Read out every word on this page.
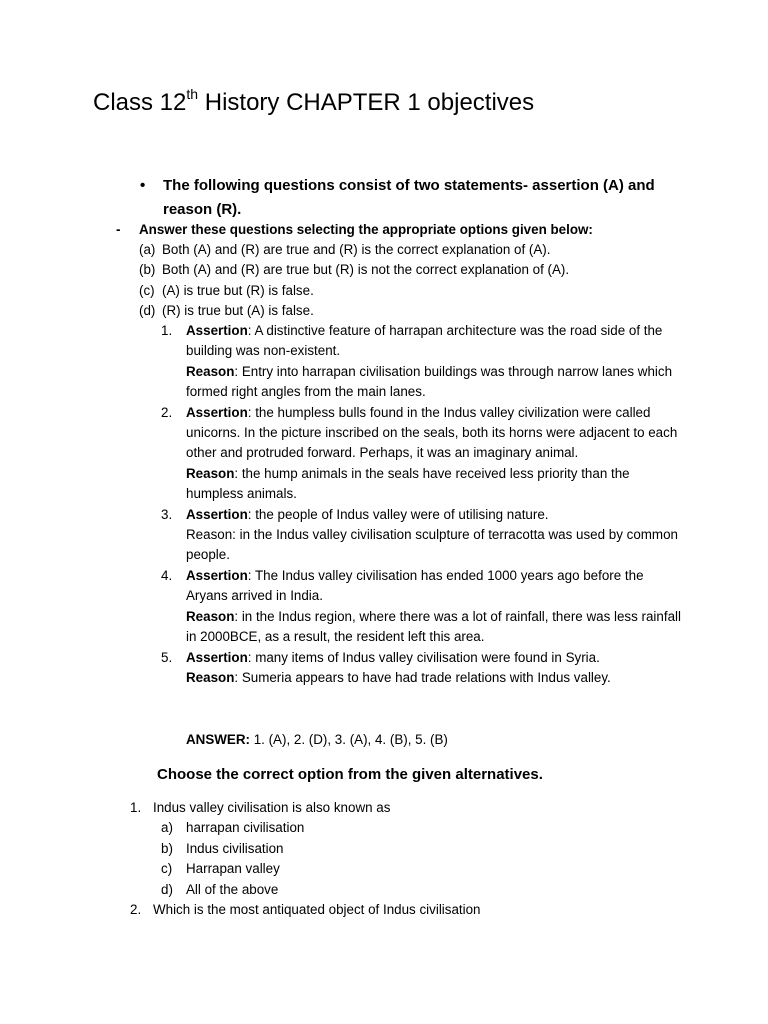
Class 12th History CHAPTER 1 objectives
• The following questions consist of two statements- assertion (A) and reason (R).
- Answer these questions selecting the appropriate options given below:
(a) Both (A) and (R) are true and (R) is the correct explanation of (A).
(b) Both (A) and (R) are true but (R) is not the correct explanation of (A).
(c) (A) is true but (R) is false.
(d) (R) is true but (A) is false.
1. Assertion: A distinctive feature of harrapan architecture was the road side of the building was non-existent.
Reason: Entry into harrapan civilisation buildings was through narrow lanes which formed right angles from the main lanes.
2. Assertion: the humpless bulls found in the Indus valley civilization were called unicorns. In the picture inscribed on the seals, both its horns were adjacent to each other and protruded forward. Perhaps, it was an imaginary animal.
Reason: the hump animals in the seals have received less priority than the humpless animals.
3. Assertion: the people of Indus valley were of utilising nature.
Reason: in the Indus valley civilisation sculpture of terracotta was used by common people.
4. Assertion: The Indus valley civilisation has ended 1000 years ago before the Aryans arrived in India.
Reason: in the Indus region, where there was a lot of rainfall, there was less rainfall in 2000BCE, as a result, the resident left this area.
5. Assertion: many items of Indus valley civilisation were found in Syria.
Reason: Sumeria appears to have had trade relations with Indus valley.
ANSWER: 1. (A), 2. (D), 3. (A), 4. (B), 5. (B)
Choose the correct option from the given alternatives.
1. Indus valley civilisation is also known as
a) harrapan civilisation
b) Indus civilisation
c) Harrapan valley
d) All of the above
2. Which is the most antiquated object of Indus civilisation
